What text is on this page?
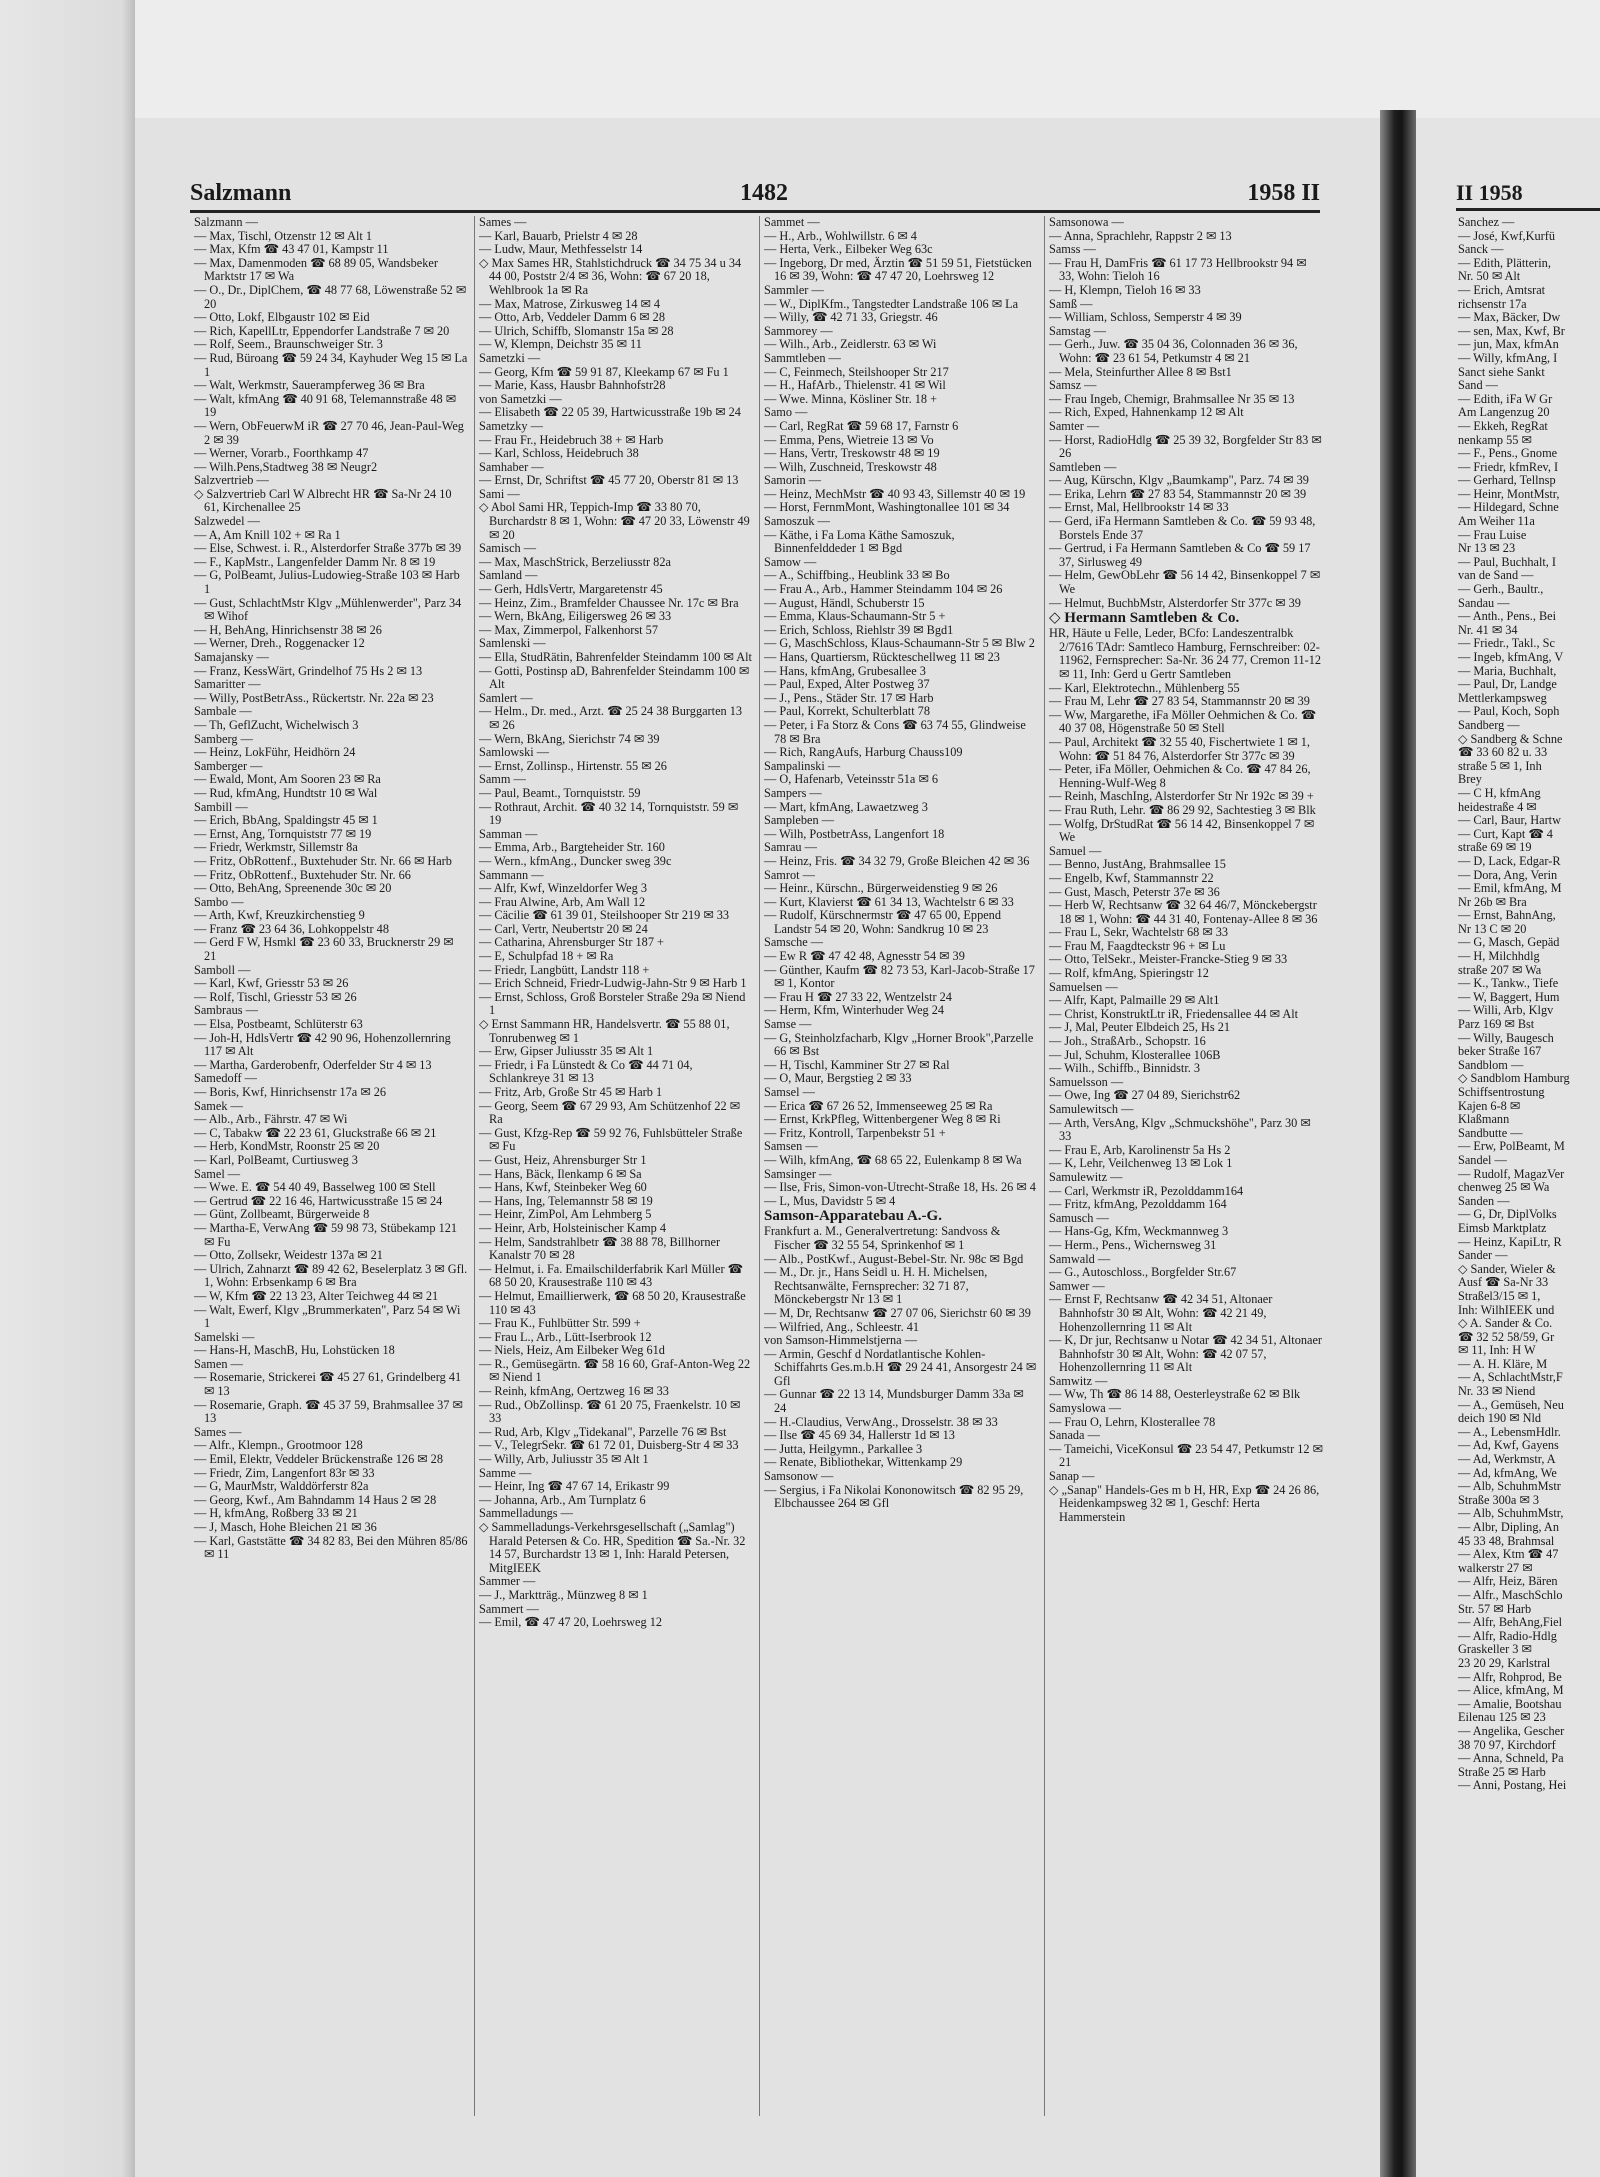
II 1958

Sanchez —

— José, Kwf,Kurfü

Sanck —

— Edith, Plätterin,

Nr. 50 ✉ Alt

— Erich, Amtsrat

richsenstr 17a

— Max, Bäcker, Dw

— sen, Max, Kwf, Br

— jun, Max, kfmAn

— Willy, kfmAng, I

Sanct siehe Sankt

Sand —

— Edith, iFa W Gr

Am Langenzug 20

— Ekkeh, RegRat

nenkamp 55 ✉

— F., Pens., Gnome

— Friedr, kfmRev, I

— Gerhard, Tellnsp

— Heinr, MontMstr,

— Hildegard, Schne

Am Weiher 11a

— Frau Luise

Nr 13 ✉ 23

— Paul, Buchhalt, I

van de Sand —

— Gerh., Baultr.,

Sandau —

— Anth., Pens., Bei

Nr. 41 ✉ 34

— Friedr., Takl., Sc

— Ingeb, kfmAng, V

— Maria, Buchhalt,

— Paul, Dr, Landge

Mettlerkampsweg

— Paul, Koch, Soph

Sandberg —

◇ Sandberg & Schne

☎ 33 60 82 u. 33

straße 5 ✉ 1, Inh

Brey

— C H, kfmAng

heidestraße 4 ✉

— Carl, Baur, Hartw

— Curt, Kapt ☎ 4

straße 69 ✉ 19

— D, Lack, Edgar-R

— Dora, Ang, Verin

— Emil, kfmAng, M

Nr 26b ✉ Bra

— Ernst, BahnAng,

Nr 13 C ✉ 20

— G, Masch, Gepäd

— H, Milchhdlg

straße 207 ✉ Wa

— K., Tankw., Tiefe

— W, Baggert, Hum

— Willi, Arb, Klgv

Parz 169 ✉ Bst

— Willy, Baugesch

beker Straße 167

Sandblom —

◇ Sandblom Hamburg

Schiffsentrostung

Kajen 6-8 ✉

Klaßmann

Sandbutte —

— Erw, PolBeamt, M

Sandel —

— Rudolf, MagazVer

chenweg 25 ✉ Wa

Sanden —

— G, Dr, DiplVolks

Eimsb Marktplatz

— Heinz, KapiLtr, R

Sander —

◇ Sander, Wieler &

Ausf ☎ Sa-Nr 33

Straßel3/15 ✉ 1,

Inh: WilhIEEK und

◇ A. Sander & Co.

☎ 32 52 58/59, Gr

✉ 11, Inh: H W

— A. H. Kläre, M

— A, SchlachtMstr,F

Nr. 33 ✉ Niend

— A., Gemüseh, Neu

deich 190 ✉ Nld

— A., LebensmHdlr.

— Ad, Kwf, Gayens

— Ad, Werkmstr, A

— Ad, kfmAng, We

— Alb, SchuhmMstr

Straße 300a ✉ 3

— Alb, SchuhmMstr,

— Albr, Dipling, An

45 33 48, Brahmsal

— Alex, Ktm ☎ 47

walkerstr 27 ✉

— Alfr, Heiz, Bären

— Alfr., MaschSchlo

Str. 57 ✉ Harb

— Alfr, BehAng,Fiel

— Alfr, Radio-Hdlg

Graskeller 3 ✉

23 20 29, Karlstral

— Alfr, Rohprod, Be

— Alice, kfmAng, M

— Amalie, Bootshau

Eilenau 125 ✉ 23

— Angelika, Gescher

38 70 97, Kirchdorf

— Anna, Schneld, Pa

Straße 25 ✉ Harb

— Anni, Postang, Hei

Salzmann	1482	1958 II

Salzmann —

— Max, Tischl, Otzenstr 12 ✉ Alt 1

— Max, Kfm ☎ 43 47 01, Kampstr 11

— Max, Damenmoden ☎ 68 89 05, Wandsbeker Marktstr 17 ✉ Wa

— O., Dr., DiplChem, ☎ 48 77 68, Löwenstraße 52 ✉ 20

— Otto, Lokf, Elbgaustr 102 ✉ Eid

— Rich, KapellLtr, Eppendorfer Landstraße 7 ✉ 20

— Rolf, Seem., Braunschweiger Str. 3

— Rud, Büroang ☎ 59 24 34, Kayhuder Weg 15 ✉ La 1

— Walt, Werkmstr, Sauerampferweg 36 ✉ Bra

— Walt, kfmAng ☎ 40 91 68, Telemannstraße 48 ✉ 19

— Wern, ObFeuerwM iR ☎ 27 70 46, Jean-Paul-Weg 2 ✉ 39

— Werner, Vorarb., Foorthkamp 47

— Wilh.Pens,Stadtweg 38 ✉ Neugr2

Salzvertrieb —

◇ Salzvertrieb Carl W Albrecht HR ☎ Sa-Nr 24 10 61, Kirchenallee 25

Salzwedel —

— A, Am Knill 102 + ✉ Ra 1

— Else, Schwest. i. R., Alsterdorfer Straße 377b ✉ 39

— F., KapMstr., Langenfelder Damm Nr. 8 ✉ 19

— G, PolBeamt, Julius-Ludowieg-Straße 103 ✉ Harb 1

— Gust, SchlachtMstr Klgv „Mühlenwerder", Parz 34 ✉ Wihof

— H, BehAng, Hinrichsenstr 38 ✉ 26

— Werner, Dreh., Roggenacker 12

Samajansky —

— Franz, KessWärt, Grindelhof 75 Hs 2 ✉ 13

Samaritter —

— Willy, PostBetrAss., Rückertstr. Nr. 22a ✉ 23

Sambale —

— Th, GeflZucht, Wichelwisch 3

Samberg —

— Heinz, LokFühr, Heidhörn 24

Samberger —

— Ewald, Mont, Am Sooren 23 ✉ Ra

— Rud, kfmAng, Hundtstr 10 ✉ Wal

Sambill —

— Erich, BbAng, Spaldingstr 45 ✉ 1

— Ernst, Ang, Tornquiststr 77 ✉ 19

— Friedr, Werkmstr, Sillemstr 8a

— Fritz, ObRottenf., Buxtehuder Str. Nr. 66 ✉ Harb

— Fritz, ObRottenf., Buxtehuder Str. Nr. 66

— Otto, BehAng, Spreenende 30c ✉ 20

Sambo —

— Arth, Kwf, Kreuzkirchenstieg 9

— Franz ☎ 23 64 36, Lohkoppelstr 48

— Gerd F W, Hsmkl ☎ 23 60 33, Brucknerstr 29 ✉ 21

Samboll —

— Karl, Kwf, Griesstr 53 ✉ 26

— Rolf, Tischl, Griesstr 53 ✉ 26

Sambraus —

— Elsa, Postbeamt, Schlüterstr 63

— Joh-H, HdlsVertr ☎ 42 90 96, Hohenzollernring 117 ✉ Alt

— Martha, Garderobenfr, Oderfelder Str 4 ✉ 13

Samedoff —

— Boris, Kwf, Hinrichsenstr 17a ✉ 26

Samek —

— Alb., Arb., Fährstr. 47 ✉ Wi

— C, Tabakw ☎ 22 23 61, Gluckstraße 66 ✉ 21

— Herb, KondMstr, Roonstr 25 ✉ 20

— Karl, PolBeamt, Curtiusweg 3

Samel —

— Wwe. E. ☎ 54 40 49, Basselweg 100 ✉ Stell

— Gertrud ☎ 22 16 46, Hartwicusstraße 15 ✉ 24

— Günt, Zollbeamt, Bürgerweide 8

— Martha-E, VerwAng ☎ 59 98 73, Stübekamp 121 ✉ Fu

— Otto, Zollsekr, Weidestr 137a ✉ 21

— Ulrich, Zahnarzt ☎ 89 42 62, Beselerplatz 3 ✉ Gfl. 1, Wohn: Erbsenkamp 6 ✉ Bra

— W, Kfm ☎ 22 13 23, Alter Teichweg 44 ✉ 21

— Walt, Ewerf, Klgv „Brummerkaten", Parz 54 ✉ Wi 1

Samelski —

— Hans-H, MaschB, Hu, Lohstücken 18

Samen —

— Rosemarie, Strickerei ☎ 45 27 61, Grindelberg 41 ✉ 13

— Rosemarie, Graph. ☎ 45 37 59, Brahmsallee 37 ✉ 13

Sames —

— Alfr., Klempn., Grootmoor 128

— Emil, Elektr, Veddeler Brückenstraße 126 ✉ 28

— Friedr, Zim, Langenfort 83r ✉ 33

— G, MaurMstr, Walddörferstr 82a

— Georg, Kwf., Am Bahndamm 14 Haus 2 ✉ 28

— H, kfmAng, Roßberg 33 ✉ 21

— J, Masch, Hohe Bleichen 21 ✉ 36

— Karl, Gaststätte ☎ 34 82 83, Bei den Mühren 85/86 ✉ 11

Sames —

— Karl, Bauarb, Prielstr 4 ✉ 28

— Ludw, Maur, Methfesselstr 14

◇ Max Sames HR, Stahlstichdruck ☎ 34 75 34 u 34 44 00, Poststr 2/4 ✉ 36, Wohn: ☎ 67 20 18, Wehlbrook 1a ✉ Ra

— Max, Matrose, Zirkusweg 14 ✉ 4

— Otto, Arb, Veddeler Damm 6 ✉ 28

— Ulrich, Schiffb, Slomanstr 15a ✉ 28

— W, Klempn, Deichstr 35 ✉ 11

Sametzki —

— Georg, Kfm ☎ 59 91 87, Kleekamp 67 ✉ Fu 1

— Marie, Kass, Hausbr Bahnhofstr28

von Sametzki —

— Elisabeth ☎ 22 05 39, Hartwicusstraße 19b ✉ 24

Sametzky —

— Frau Fr., Heidebruch 38 + ✉ Harb

— Karl, Schloss, Heidebruch 38

Samhaber —

— Ernst, Dr, Schriftst ☎ 45 77 20, Oberstr 81 ✉ 13

Sami —

◇ Abol Sami HR, Teppich-Imp ☎ 33 80 70, Burchardstr 8 ✉ 1, Wohn: ☎ 47 20 33, Löwenstr 49 ✉ 20

Samisch —

— Max, MaschStrick, Berzeliusstr 82a

Samland —

— Gerh, HdlsVertr, Margaretenstr 45

— Heinz, Zim., Bramfelder Chaussee Nr. 17c ✉ Bra

— Wern, BkAng, Eiligersweg 26 ✉ 33

— Max, Zimmerpol, Falkenhorst 57

Samlenski —

— Ella, StudRätin, Bahrenfelder Steindamm 100 ✉ Alt

— Gotti, Postinsp aD, Bahrenfelder Steindamm 100 ✉ Alt

Samlert —

— Helm., Dr. med., Arzt. ☎ 25 24 38 Burggarten 13 ✉ 26

— Wern, BkAng, Sierichstr 74 ✉ 39

Samlowski —

— Ernst, Zollinsp., Hirtenstr. 55 ✉ 26

Samm —

— Paul, Beamt., Tornquiststr. 59

— Rothraut, Archit. ☎ 40 32 14, Tornquiststr. 59 ✉ 19

Samman —

— Emma, Arb., Bargteheider Str. 160

— Wern., kfmAng., Duncker sweg 39c

Sammann —

— Alfr, Kwf, Winzeldorfer Weg 3

— Frau Alwine, Arb, Am Wall 12

— Cäcilie ☎ 61 39 01, Steilshooper Str 219 ✉ 33

— Carl, Vertr, Neubertstr 20 ✉ 24

— Catharina, Ahrensburger Str 187 +

— E, Schulpfad 18 + ✉ Ra

— Friedr, Langbütt, Landstr 118 +

— Erich Schneid, Friedr-Ludwig-Jahn-Str 9 ✉ Harb 1

— Ernst, Schloss, Groß Borsteler Straße 29a ✉ Niend 1

◇ Ernst Sammann HR, Handelsvertr. ☎ 55 88 01, Tonrubenweg ✉ 1

— Erw, Gipser Juliusstr 35 ✉ Alt 1

— Friedr, i Fa Lünstedt & Co ☎ 44 71 04, Schlankreye 31 ✉ 13

— Fritz, Arb, Große Str 45 ✉ Harb 1

— Georg, Seem ☎ 67 29 93, Am Schützenhof 22 ✉ Ra

— Gust, Kfzg-Rep ☎ 59 92 76, Fuhlsbütteler Straße ✉ Fu

— Gust, Heiz, Ahrensburger Str 1

— Hans, Bäck, Ilenkamp 6 ✉ Sa

— Hans, Kwf, Steinbeker Weg 60

— Hans, Ing, Telemannstr 58 ✉ 19

— Heinr, ZimPol, Am Lehmberg 5

— Heinr, Arb, Holsteinischer Kamp 4

— Helm, Sandstrahlbetr ☎ 38 88 78, Billhorner Kanalstr 70 ✉ 28

— Helmut, i. Fa. Emailschilderfabrik Karl Müller ☎ 68 50 20, Krausestraße 110 ✉ 43

— Helmut, Emaillierwerk, ☎ 68 50 20, Krausestraße 110 ✉ 43

— Frau K., Fuhlbütter Str. 599 +

— Frau L., Arb., Lütt-Iserbrook 12

— Niels, Heiz, Am Eilbeker Weg 61d

— R., Gemüsegärtn. ☎ 58 16 60, Graf-Anton-Weg 22 ✉ Niend 1

— Reinh, kfmAng, Oertzweg 16 ✉ 33

— Rud., ObZollinsp. ☎ 61 20 75, Fraenkelstr. 10 ✉ 33

— Rud, Arb, Klgv „Tidekanal", Parzelle 76 ✉ Bst

— V., TelegrSekr. ☎ 61 72 01, Duisberg-Str 4 ✉ 33

— Willy, Arb, Juliusstr 35 ✉ Alt 1

Samme —

— Heinr, Ing ☎ 47 67 14, Erikastr 99

— Johanna, Arb., Am Turnplatz 6

Sammelladungs —

◇ Sammelladungs-Verkehrsgesellschaft („Samlag") Harald Petersen & Co. HR, Spedition ☎ Sa.-Nr. 32 14 57, Burchardstr 13 ✉ 1, Inh: Harald Petersen, MitgIEEK

Sammer —

— J., Marktträg., Münzweg 8 ✉ 1

Sammert —

— Emil, ☎ 47 47 20, Loehrsweg 12

Sammet —

— H., Arb., Wohlwillstr. 6 ✉ 4

— Herta, Verk., Eilbeker Weg 63c

— Ingeborg, Dr med, Ärztin ☎ 51 59 51, Fietstücken 16 ✉ 39, Wohn: ☎ 47 47 20, Loehrsweg 12

Sammler —

— W., DiplKfm., Tangstedter Landstraße 106 ✉ La

— Willy, ☎ 42 71 33, Griegstr. 46

Sammorey —

— Wilh., Arb., Zeidlerstr. 63 ✉ Wi

Sammtleben —

— C, Feinmech, Steilshooper Str 217

— H., HafArb., Thielenstr. 41 ✉ Wil

— Wwe. Minna, Kösliner Str. 18 +

Samo —

— Carl, RegRat ☎ 59 68 17, Farnstr 6

— Emma, Pens, Wietreie 13 ✉ Vo

— Hans, Vertr, Treskowstr 48 ✉ 19

— Wilh, Zuschneid, Treskowstr 48

Samorin —

— Heinz, MechMstr ☎ 40 93 43, Sillemstr 40 ✉ 19

— Horst, FernmMont, Washingtonallee 101 ✉ 34

Samoszuk —

— Käthe, i Fa Loma Käthe Samoszuk, Binnenfelddeder 1 ✉ Bgd

Samow —

— A., Schiffbing., Heublink 33 ✉ Bo

— Frau A., Arb., Hammer Steindamm 104 ✉ 26

— August, Händl, Schuberstr 15

— Emma, Klaus-Schaumann-Str 5 +

— Erich, Schloss, Riehlstr 39 ✉ Bgd1

— G, MaschSchloss, Klaus-Schaumann-Str 5 ✉ Blw 2

— Hans, Quartiersm, Rückteschellweg 11 ✉ 23

— Hans, kfmAng, Grubesallee 3

— Paul, Exped, Alter Postweg 37

— J., Pens., Städer Str. 17 ✉ Harb

— Paul, Korrekt, Schulterblatt 78

— Peter, i Fa Storz & Cons ☎ 63 74 55, Glindweise 78 ✉ Bra

— Rich, RangAufs, Harburg Chauss109

Sampalinski —

— O, Hafenarb, Veteinsstr 51a ✉ 6

Sampers —

— Mart, kfmAng, Lawaetzweg 3

Sampleben —

— Wilh, PostbetrAss, Langenfort 18

Samrau —

— Heinz, Fris. ☎ 34 32 79, Große Bleichen 42 ✉ 36

Samrot —

— Heinr., Kürschn., Bürgerweidenstieg 9 ✉ 26

— Kurt, Klavierst ☎ 61 34 13, Wachtelstr 6 ✉ 33

— Rudolf, Kürschnermstr ☎ 47 65 00, Eppend Landstr 54 ✉ 20, Wohn: Sandkrug 10 ✉ 23

Samsche —

— Ew R ☎ 47 42 48, Agnesstr 54 ✉ 39

— Günther, Kaufm ☎ 82 73 53, Karl-Jacob-Straße 17 ✉ 1, Kontor

— Frau H ☎ 27 33 22, Wentzelstr 24

— Herm, Kfm, Winterhuder Weg 24

Samse —

— G, Steinholzfacharb, Klgv „Horner Brook",Parzelle 66 ✉ Bst

— H, Tischl, Kamminer Str 27 ✉ Ral

— O, Maur, Bergstieg 2 ✉ 33

Samsel —

— Erica ☎ 67 26 52, Immenseeweg 25 ✉ Ra

— Ernst, KrkPfleg, Wittenbergener Weg 8 ✉ Ri

— Fritz, Kontroll, Tarpenbekstr 51 +

Samsen —

— Wilh, kfmAng, ☎ 68 65 22, Eulenkamp 8 ✉ Wa

Samsinger —

— Ilse, Fris, Simon-von-Utrecht-Straße 18, Hs. 26 ✉ 4

— L, Mus, Davidstr 5 ✉ 4

Samson-Apparatebau A.-G.

Frankfurt a. M., Generalvertretung: Sandvoss & Fischer ☎ 32 55 54, Sprinkenhof ✉ 1

— Alb., PostKwf., August-Bebel-Str. Nr. 98c ✉ Bgd

— M., Dr. jr., Hans Seidl u. H. H. Michelsen, Rechtsanwälte, Fernsprecher: 32 71 87, Mönckebergstr Nr 13 ✉ 1

— M, Dr, Rechtsanw ☎ 27 07 06, Sierichstr 60 ✉ 39

— Wilfried, Ang., Schleestr. 41

von Samson-Himmelstjerna —

— Armin, Geschf d Nordatlantische Kohlen-Schiffahrts Ges.m.b.H ☎ 29 24 41, Ansorgestr 24 ✉ Gfl

— Gunnar ☎ 22 13 14, Mundsburger Damm 33a ✉ 24

— H.-Claudius, VerwAng., Drosselstr. 38 ✉ 33

— Ilse ☎ 45 69 34, Hallerstr 1d ✉ 13

— Jutta, Heilgymn., Parkallee 3

— Renate, Bibliothekar, Wittenkamp 29

Samsonow —

— Sergius, i Fa Nikolai Kononowitsch ☎ 82 95 29, Elbchaussee 264 ✉ Gfl

Samsonowa —

— Anna, Sprachlehr, Rappstr 2 ✉ 13

Samss —

— Frau H, DamFris ☎ 61 17 73 Hellbrookstr 94 ✉ 33, Wohn: Tieloh 16

— H, Klempn, Tieloh 16 ✉ 33

Samß —

— William, Schloss, Semperstr 4 ✉ 39

Samstag —

— Gerh., Juw. ☎ 35 04 36, Colonnaden 36 ✉ 36, Wohn: ☎ 23 61 54, Petkumstr 4 ✉ 21

— Mela, Steinfurther Allee 8 ✉ Bst1

Samsz —

— Frau Ingeb, Chemigr, Brahmsallee Nr 35 ✉ 13

— Rich, Exped, Hahnenkamp 12 ✉ Alt

Samter —

— Horst, RadioHdlg ☎ 25 39 32, Borgfelder Str 83 ✉ 26

Samtleben —

— Aug, Kürschn, Klgv „Baumkamp", Parz. 74 ✉ 39

— Erika, Lehrn ☎ 27 83 54, Stammannstr 20 ✉ 39

— Ernst, Mal, Hellbrookstr 14 ✉ 33

— Gerd, iFa Hermann Samtleben & Co. ☎ 59 93 48, Borstels Ende 37

— Gertrud, i Fa Hermann Samtleben & Co ☎ 59 17 37, Sirlusweg 49

— Helm, GewObLehr ☎ 56 14 42, Binsenkoppel 7 ✉ We

— Helmut, BuchbMstr, Alsterdorfer Str 377c ✉ 39

◇ Hermann Samtleben & Co.

HR, Häute u Felle, Leder, BCfo: Landeszentralbk 2/7616 TAdr: Samtleco Hamburg, Fernschreiber: 02-11962, Fernsprecher: Sa-Nr. 36 24 77, Cremon 11-12 ✉ 11, Inh: Gerd u Gertr Samtleben

— Karl, Elektrotechn., Mühlenberg 55

— Frau M, Lehr ☎ 27 83 54, Stammannstr 20 ✉ 39

— Ww, Margarethe, iFa Möller Oehmichen & Co. ☎ 40 37 08, Högenstraße 50 ✉ Stell

— Paul, Architekt ☎ 32 55 40, Fischertwiete 1 ✉ 1, Wohn: ☎ 51 84 76, Alsterdorfer Str 377c ✉ 39

— Peter, iFa Möller, Oehmichen & Co. ☎ 47 84 26, Henning-Wulf-Weg 8

— Reinh, MaschIng, Alsterdorfer Str Nr 192c ✉ 39 +

— Frau Ruth, Lehr. ☎ 86 29 92, Sachtestieg 3 ✉ Blk

— Wolfg, DrStudRat ☎ 56 14 42, Binsenkoppel 7 ✉ We

Samuel —

— Benno, JustAng, Brahmsallee 15

— Engelb, Kwf, Stammannstr 22

— Gust, Masch, Peterstr 37e ✉ 36

— Herb W, Rechtsanw ☎ 32 64 46/7, Mönckebergstr 18 ✉ 1, Wohn: ☎ 44 31 40, Fontenay-Allee 8 ✉ 36

— Frau L, Sekr, Wachtelstr 68 ✉ 33

— Frau M, Faagdteckstr 96 + ✉ Lu

— Otto, TelSekr., Meister-Francke-Stieg 9 ✉ 33

— Rolf, kfmAng, Spieringstr 12

Samuelsen —

— Alfr, Kapt, Palmaille 29 ✉ Alt1

— Christ, KonstruktLtr iR, Friedensallee 44 ✉ Alt

— J, Mal, Peuter Elbdeich 25, Hs 21

— Joh., StraßArb., Schopstr. 16

— Jul, Schuhm, Klosterallee 106B

— Wilh., Schiffb., Binnidstr. 3

Samuelsson —

— Owe, Ing ☎ 27 04 89, Sierichstr62

Samulewitsch —

— Arth, VersAng, Klgv „Schmuckshöhe", Parz 30 ✉ 33

— Frau E, Arb, Karolinenstr 5a Hs 2

— K, Lehr, Veilchenweg 13 ✉ Lok 1

Samulewitz —

— Carl, Werkmstr iR, Pezolddamm164

— Fritz, kfmAng, Pezolddamm 164

Samusch —

— Hans-Gg, Kfm, Weckmannweg 3

— Herm., Pens., Wichernsweg 31

Samwald —

— G., Autoschloss., Borgfelder Str.67

Samwer —

— Ernst F, Rechtsanw ☎ 42 34 51, Altonaer Bahnhofstr 30 ✉ Alt, Wohn: ☎ 42 21 49, Hohenzollernring 11 ✉ Alt

— K, Dr jur, Rechtsanw u Notar ☎ 42 34 51, Altonaer Bahnhofstr 30 ✉ Alt, Wohn: ☎ 42 07 57, Hohenzollernring 11 ✉ Alt

Samwitz —

— Ww, Th ☎ 86 14 88, Oesterleystraße 62 ✉ Blk

Samyslowa —

— Frau O, Lehrn, Klosterallee 78

Sanada —

— Tameichi, ViceKonsul ☎ 23 54 47, Petkumstr 12 ✉ 21

Sanap —

◇ „Sanap" Handels-Ges m b H, HR, Exp ☎ 24 26 86, Heidenkampsweg 32 ✉ 1, Geschf: Herta Hammerstein
